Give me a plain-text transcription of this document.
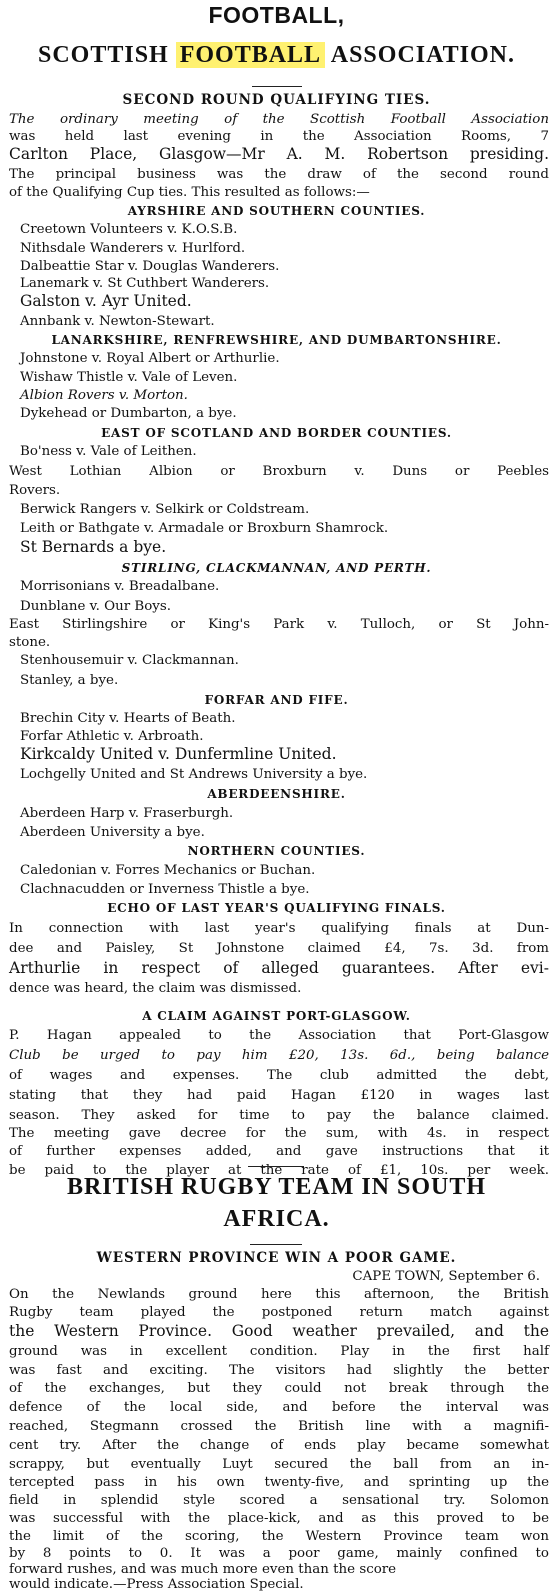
FOOTBALL,
SCOTTISH FOOTBALL ASSOCIATION.
SECOND ROUND QUALIFYING TIES.
The ordinary meeting of the Scottish Football Association
was held last evening in the Association Rooms, 7
Carlton Place, Glasgow—Mr A. M. Robertson presiding.
The principal business was the draw of the second round
of the Qualifying Cup ties. This resulted as follows:—
AYRSHIRE AND SOUTHERN COUNTIES.
Creetown Volunteers v. K.O.S.B.
Nithsdale Wanderers v. Hurlford.
Dalbeattie Star v. Douglas Wanderers.
Lanemark v. St Cuthbert Wanderers.
Galston v. Ayr United.
Annbank v. Newton-Stewart.
LANARKSHIRE, RENFREWSHIRE, AND DUMBARTONSHIRE.
Johnstone v. Royal Albert or Arthurlie.
Wishaw Thistle v. Vale of Leven.
Albion Rovers v. Morton.
Dykehead or Dumbarton, a bye.
EAST OF SCOTLAND AND BORDER COUNTIES.
Bo'ness v. Vale of Leithen.
West Lothian Albion or Broxburn v. Duns or Peebles
Rovers.
Berwick Rangers v. Selkirk or Coldstream.
Leith or Bathgate v. Armadale or Broxburn Shamrock.
St Bernards a bye.
STIRLING, CLACKMANNAN, AND PERTH.
Morrisonians v. Breadalbane.
Dunblane v. Our Boys.
East Stirlingshire or King's Park v. Tulloch, or St John-
stone.
Stenhousemuir v. Clackmannan.
Stanley, a bye.
FORFAR AND FIFE.
Brechin City v. Hearts of Beath.
Forfar Athletic v. Arbroath.
Kirkcaldy United v. Dunfermline United.
Lochgelly United and St Andrews University a bye.
ABERDEENSHIRE.
Aberdeen Harp v. Fraserburgh.
Aberdeen University a bye.
NORTHERN COUNTIES.
Caledonian v. Forres Mechanics or Buchan.
Clachnacudden or Inverness Thistle a bye.
ECHO OF LAST YEAR'S QUALIFYING FINALS.
In connection with last year's qualifying finals at Dun-
dee and Paisley, St Johnstone claimed £4, 7s. 3d. from
Arthurlie in respect of alleged guarantees. After evi-
dence was heard, the claim was dismissed.
A CLAIM AGAINST PORT-GLASGOW.
P. Hagan appealed to the Association that Port-Glasgow
Club be urged to pay him £20, 13s. 6d., being balance
of wages and expenses. The club admitted the debt,
stating that they had paid Hagan £120 in wages last
season. They asked for time to pay the balance claimed.
The meeting gave decree for the sum, with 4s. in respect
of further expenses added, and gave instructions that it
be paid to the player at the rate of £1, 10s. per week.
BRITISH RUGBY TEAM IN SOUTH
AFRICA.
WESTERN PROVINCE WIN A POOR GAME.
CAPE TOWN, September 6.
On the Newlands ground here this afternoon, the British
Rugby team played the postponed return match against
the Western Province. Good weather prevailed, and the
ground was in excellent condition. Play in the first half
was fast and exciting. The visitors had slightly the better
of the exchanges, but they could not break through the
defence of the local side, and before the interval was
reached, Stegmann crossed the British line with a magnifi-
cent try. After the change of ends play became somewhat
scrappy, but eventually Luyt secured the ball from an in-
tercepted pass in his own twenty-five, and sprinting up the
field in splendid style scored a sensational try. Solomon
was successful with the place-kick, and as this proved to be
the limit of the scoring, the Western Province team won
by 8 points to 0. It was a poor game, mainly confined to
forward rushes, and was much more even than the score
would indicate.—Press Association Special.
